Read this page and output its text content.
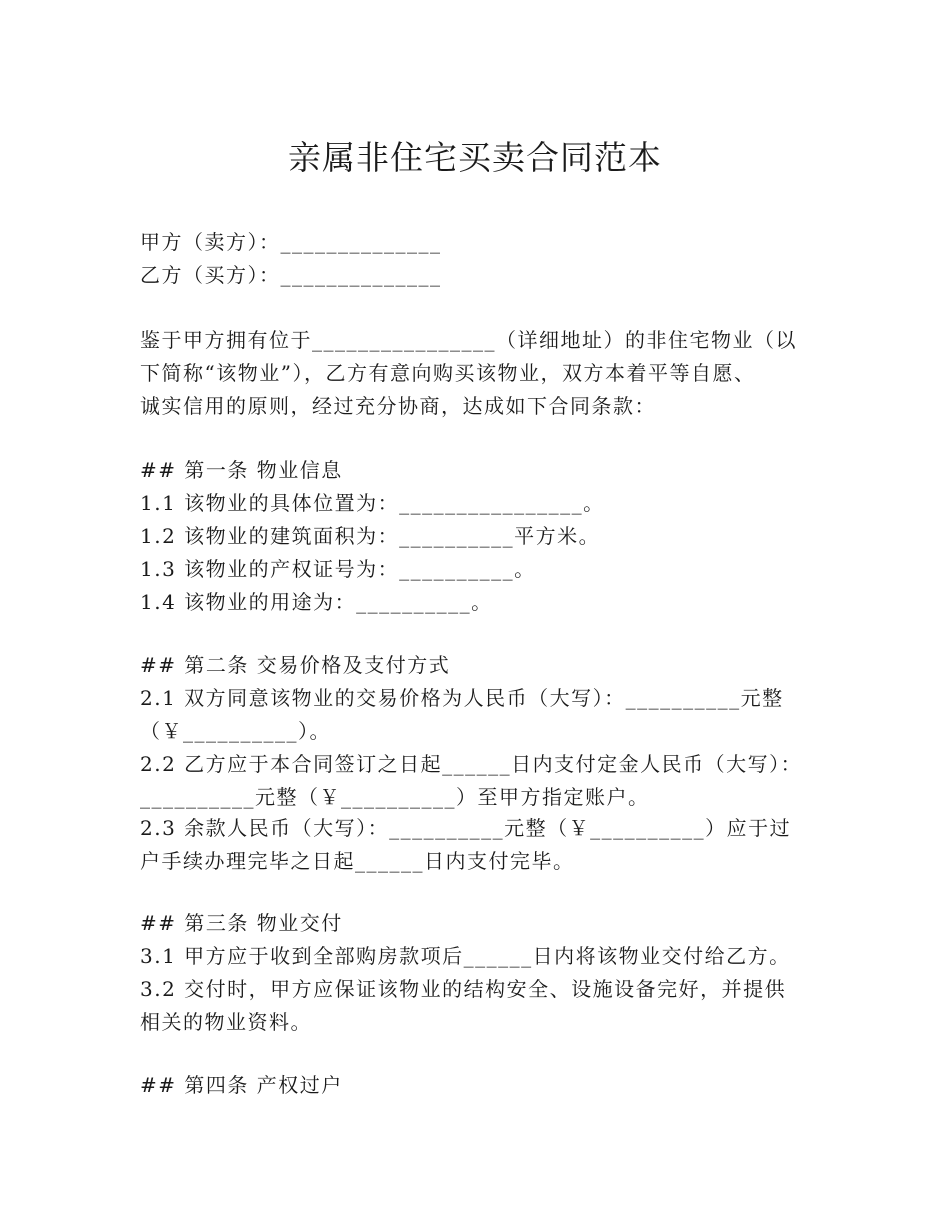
亲属非住宅买卖合同范本
甲方（卖方）：______________
乙方（买方）：______________
鉴于甲方拥有位于________________（详细地址）的非住宅物业（以
下简称“该物业”），乙方有意向购买该物业，双方本着平等自愿、
诚实信用的原则，经过充分协商，达成如下合同条款：
## 第一条 物业信息
1.1 该物业的具体位置为：________________。
1.2 该物业的建筑面积为：__________平方米。
1.3 该物业的产权证号为：__________。
1.4 该物业的用途为：__________。
## 第二条 交易价格及支付方式
2.1 双方同意该物业的交易价格为人民币（大写）：__________元整
（￥__________）。
2.2 乙方应于本合同签订之日起______日内支付定金人民币（大写）：
__________元整（￥__________）至甲方指定账户。
2.3 余款人民币（大写）：__________元整（￥__________）应于过
户手续办理完毕之日起______日内支付完毕。
## 第三条 物业交付
3.1 甲方应于收到全部购房款项后______日内将该物业交付给乙方。
3.2 交付时，甲方应保证该物业的结构安全、设施设备完好，并提供
相关的物业资料。
## 第四条 产权过户
